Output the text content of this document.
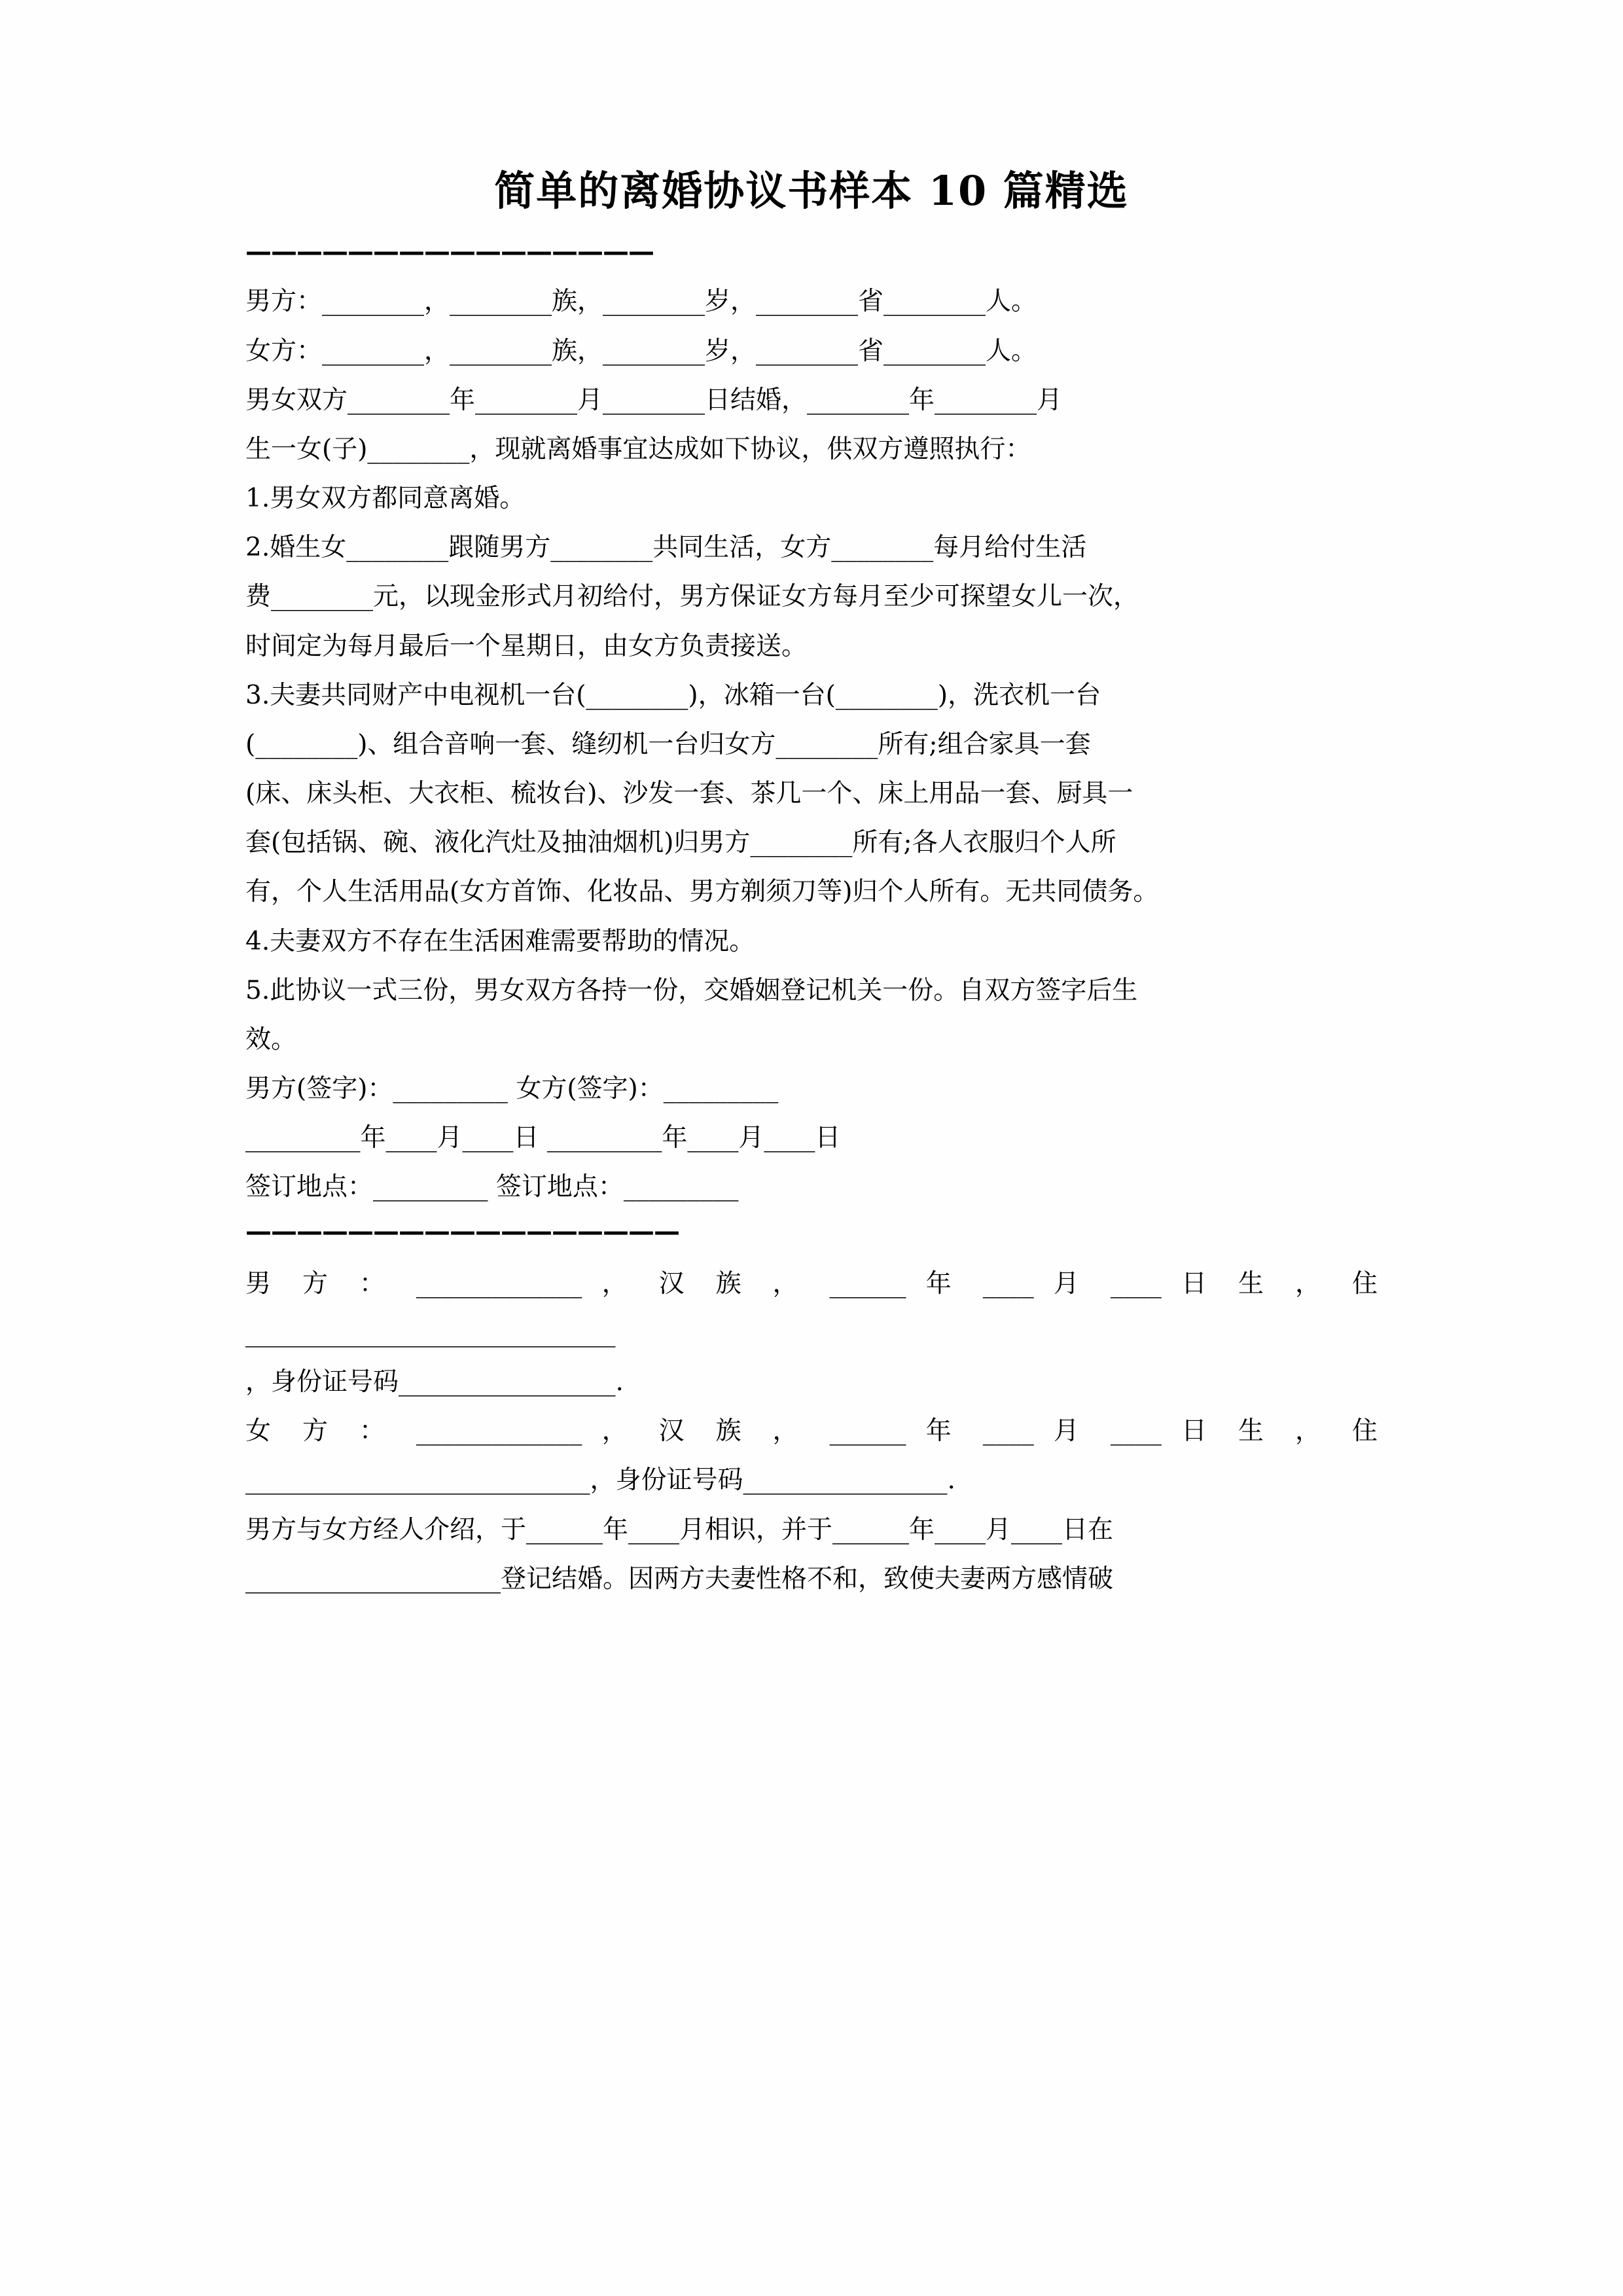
简单的离婚协议书样本 10 篇精选
————————————————

男方：________，________族，________岁，________省________人。

女方：________，________族，________岁，________省________人。

男女双方________年________月________日结婚，________年________月

生一女(子)________，现就离婚事宜达成如下协议，供双方遵照执行：

1.男女双方都同意离婚。

2.婚生女________跟随男方________共同生活，女方________每月给付生活

费________元，以现金形式月初给付，男方保证女方每月至少可探望女儿一次，

时间定为每月最后一个星期日，由女方负责接送。

3.夫妻共同财产中电视机一台(________)，冰箱一台(________)，洗衣机一台

(________)、组合音响一套、缝纫机一台归女方________所有;组合家具一套

(床、床头柜、大衣柜、梳妆台)、沙发一套、茶几一个、床上用品一套、厨具一

套(包括锅、碗、液化汽灶及抽油烟机)归男方________所有;各人衣服归个人所

有，个人生活用品(女方首饰、化妆品、男方剃须刀等)归个人所有。无共同债务。

4.夫妻双方不存在生活困难需要帮助的情况。

5.此协议一式三份，男女双方各持一份，交婚姻登记机关一份。自双方签字后生

效。

男方(签字)：_________ 女方(签字)：_________

_________年____月____日 _________年____月____日

签订地点：_________ 签订地点：_________

—————————————————

男 方 ： _____________ ， 汉 族 ， ______ 年 ____ 月 ____ 日 生 ， 住

_____________________________

，身份证号码_________________.

女 方 ： _____________ ， 汉 族 ， ______ 年 ____ 月 ____ 日 生 ， 住

___________________________，身份证号码________________.

男方与女方经人介绍，于______年____月相识，并于______年____月____日在

____________________登记结婚。因两方夫妻性格不和，致使夫妻两方感情破
